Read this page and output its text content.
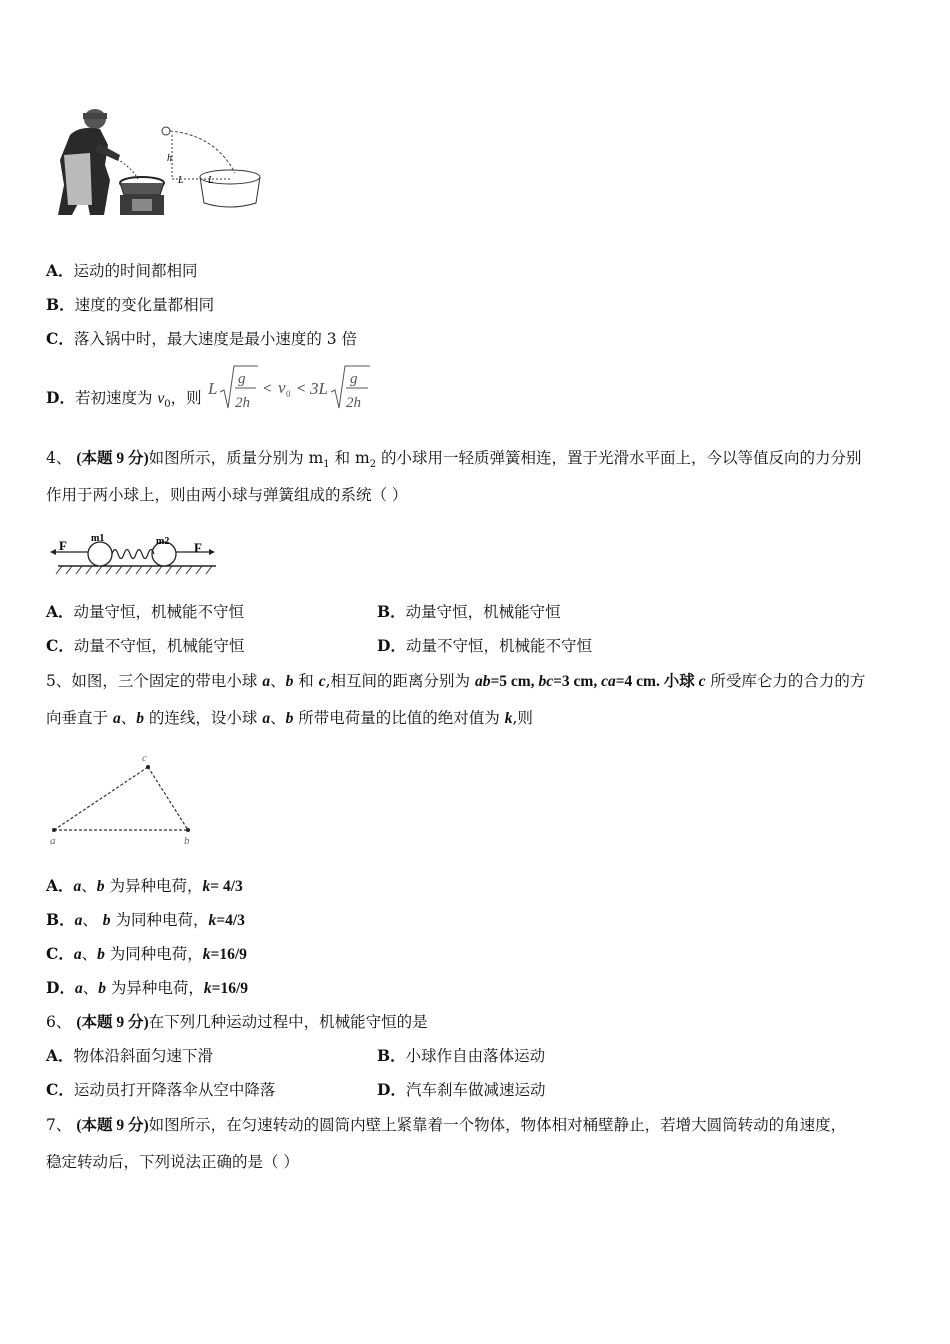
h
L L
A．运动的时间都相同
B．速度的变化量都相同
C．落入锅中时，最大速度是最小速度的 3 倍
D．若初速度为 $v_0$，则 L g
2h
< v 0 < 3L g
2h
4、 (本题 9 分)如图所示，质量分别为 $m_1$ 和 $m_2$ 的小球用一轻质弹簧相连，置于光滑水平面上，今以等值反向的力分别
作用于两小球上，则由两小球与弹簧组成的系统（ ）
F m1	m2 F
A．动量守恒，机械能不守恒	B．动量守恒，机械能守恒
C．动量不守恒，机械能守恒	D．动量不守恒，机械能不守恒
5、如图，三个固定的带电小球 a、b 和 c,相互间的距离分别为 ab=5 cm, bc=3 cm, ca=4 cm. 小球 c 所受库仑力的合力的方
向垂直于 a、b 的连线，设小球 a、b 所带电荷量的比值的绝对值为 k,则
a	b
c
A．a、b 为异种电荷，k= 4/3
B．a、 b 为同种电荷，k=4/3
C．a、b 为同种电荷，k=16/9
D．a、b 为异种电荷，k=16/9
6、 (本题 9 分)在下列几种运动过程中，机械能守恒的是
A．物体沿斜面匀速下滑	B．小球作自由落体运动
C．运动员打开降落伞从空中降落	D．汽车刹车做减速运动
7、 (本题 9 分)如图所示，在匀速转动的圆筒内壁上紧靠着一个物体，物体相对桶壁静止，若增大圆筒转动的角速度，
稳定转动后，下列说法正确的是（ ）
